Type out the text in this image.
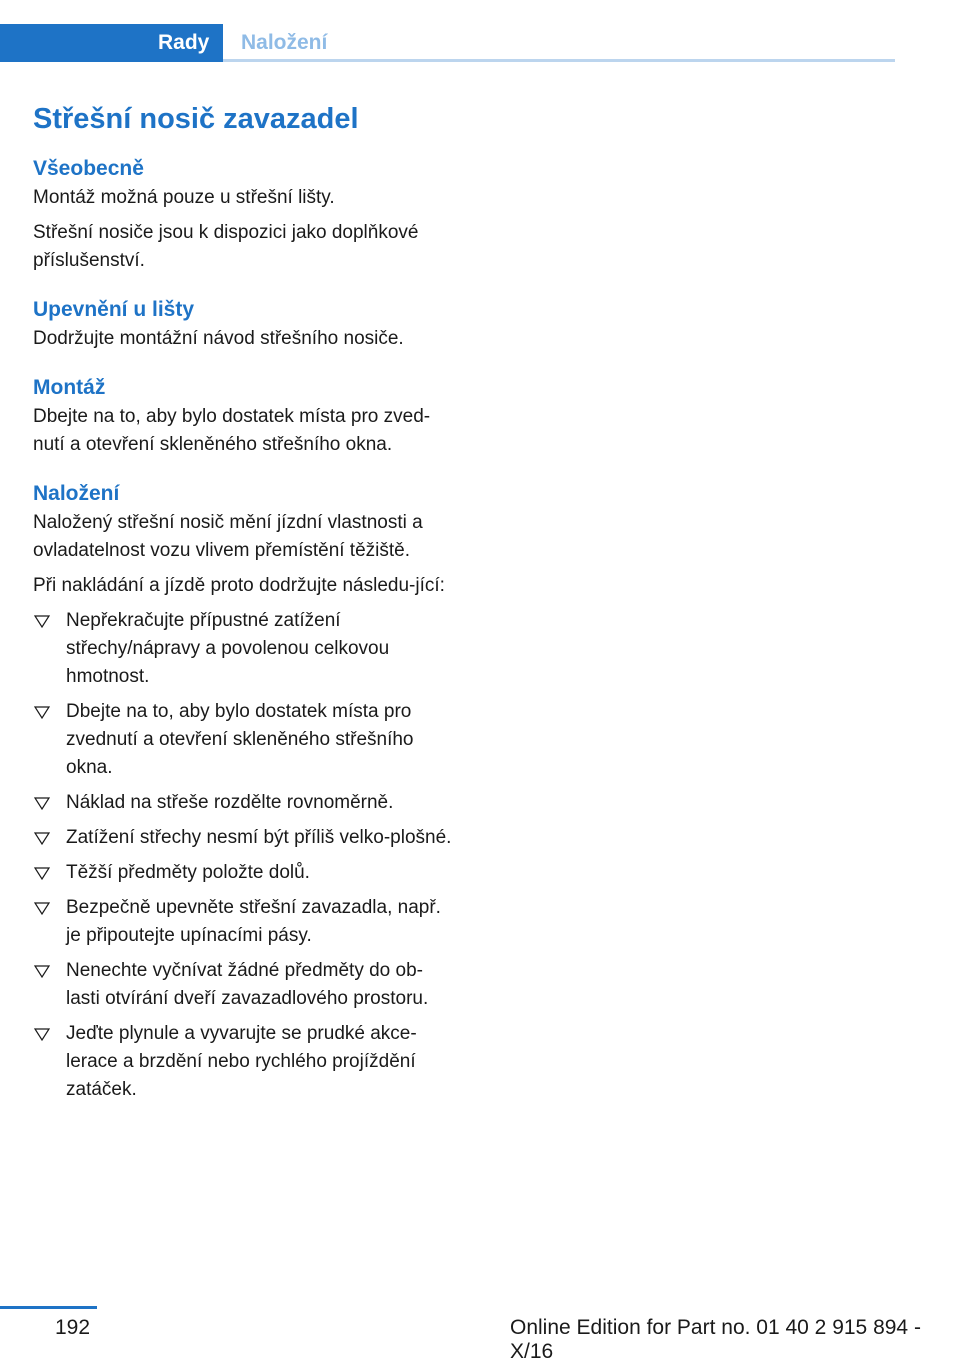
Rady	Naložení
Střešní nosič zavazadel
Všeobecně

Montáž možná pouze u střešní lišty.

Střešní nosiče jsou k dispozici jako doplňkové příslušenství.

Upevnění u lišty

Dodržujte montážní návod střešního nosiče.

Montáž

Dbejte na to, aby bylo dostatek místa pro zved‐nutí a otevření skleněného střešního okna.

Naložení

Naložený střešní nosič mění jízdní vlastnosti a ovladatelnost vozu vlivem přemístění těžiště.

Při nakládání a jízdě proto dodržujte následu‐jící:

Nepřekračujte přípustné zatížení střechy/nápravy a povolenou celkovou hmotnost.
Dbejte na to, aby bylo dostatek místa pro zvednutí a otevření skleněného střešního okna.
Náklad na střeše rozdělte rovnoměrně.
Zatížení střechy nesmí být příliš velko‐plošné.
Těžší předměty položte dolů.
Bezpečně upevněte střešní zavazadla, např. je připoutejte upínacími pásy.
Nenechte vyčnívat žádné předměty do ob‐lasti otvírání dveří zavazadlového prostoru.
Jeďte plynule a vyvarujte se prudké akce‐lerace a brzdění nebo rychlého projíždění zatáček.
192	Online Edition for Part no. 01 40 2 915 894 - X/16
